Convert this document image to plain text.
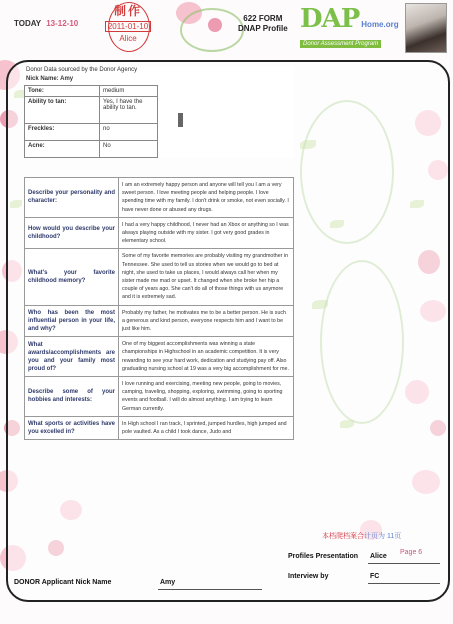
TODAY 13-12-10
制作
2011-01-10
Alice
622 FORM
DNAP Profile DAP Home.org
Donor Assessment Program
Donor Data sourced by the Donor Agency
Nick Name: Amy
Tone:	medium
Ability to tan:	Yes, I have the ability to tan.
Freckles:	no
Acne:	No
Describe your personality and character:	I am an extremely happy person and anyone will tell you I am a very sweet person. I love meeting people and helping people. I love spending time with my family. I don't drink or smoke, not even socially. I have never done or abused any drugs.
How would you describe your childhood?	I had a very happy childhood, I never had an Xbox or anything so I was always playing outside with my sister. I got very good grades in elementary school.
What's your favorite childhood memory?	Some of my favorite memories are probably visiting my grandmother in Tennessee. She used to tell us stories when we would go to bed at night, she used to take us places, I would always call her when my sister made me mad or upset. It changed when she broke her hip a couple of years ago. She can't do all of those things with us anymore and it is extremely sad.
Who has been the most influential person in your life, and why?	Probably my father, he motivates me to be a better person. He is such a generous and kind person, everyone respects him and I want to be just like him.
What awards/accomplishments are you and your family most proud of?	One of my biggest accomplishments was winning a state championships in Highschool in an academic competition. It is very rewarding to see your hard work, dedication and studying pay off. Also graduating nursing school at 19 was a very big accomplishment for me.
Describe some of your hobbies and interests:	I love running and exercising, meeting new people, going to movies, camping, traveling, shopping, exploring, swimming, going to sporting events and football. I will do almost anything. I am trying to learn German currently.
What sports or activities have you excelled in?	In High school I ran track, I sprinted, jumped hurdles, high jumped and pole vaulted. As a child I took dance, Judo and
本档爬档案合计页为 11页
Profiles Presentation Alice
Page 6
Interview by	FC
DONOR Applicant Nick Name	Amy
